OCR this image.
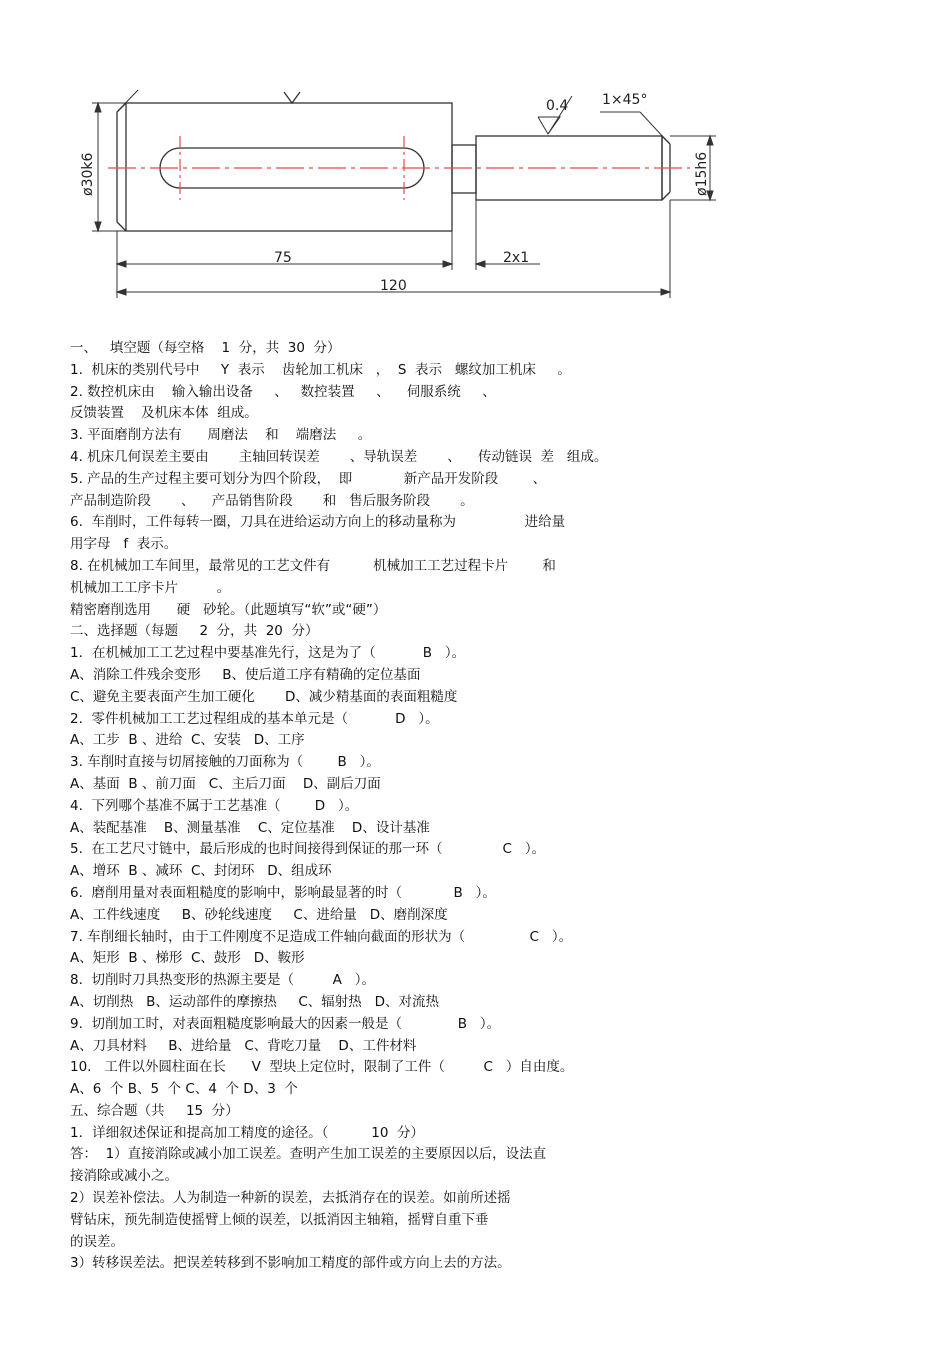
ø30k6	ø15h6
75	2x1
120
0.4 1×45°
一、   填空题（每空格    1  分，共  30  分）
1.  机床的类别代号中     Y  表示    齿轮加工机床   ，  S  表示   螺纹加工机床     。
2. 数控机床由    输入输出设备     、   数控装置     、    伺服系统     、
反馈装置    及机床本体  组成。
3. 平面磨削方法有      周磨法    和    端磨法     。
4. 机床几何误差主要由       主轴回转误差       、导轨误差       、    传动链误  差   组成。
5. 产品的生产过程主要可划分为四个阶段，  即            新产品开发阶段        、
产品制造阶段       、    产品销售阶段       和   售后服务阶段       。
6.  车削时，工件每转一圈，刀具在进给运动方向上的移动量称为                进给量
用字母   f  表示。
8. 在机械加工车间里，最常见的工艺文件有          机械加工工艺过程卡片        和
机械加工工序卡片         。
精密磨削选用      硬   砂轮。（此题填写“软”或“硬”）
二、选择题（每题     2  分，共  20  分）
1．在机械加工工艺过程中要基准先行，这是为了（           B   ）。
A、消除工件残余变形     B、使后道工序有精确的定位基面
C、避免主要表面产生加工硬化       D、减少精基面的表面粗糙度
2.  零件机械加工工艺过程组成的基本单元是（           D   ）。
A、工步  B 、进给  C、安装   D、工序
3. 车削时直接与切屑接触的刀面称为（        B   ）。
A、基面  B 、前刀面   C、主后刀面    D、副后刀面
4.  下列哪个基准不属于工艺基准（        D   ）。
A、装配基准    B、测量基准    C、定位基准    D、设计基准
5.  在工艺尺寸链中，最后形成的也时间接得到保证的那一环（              C   ）。
A、增环  B 、减环  C、封闭环   D、组成环
6.  磨削用量对表面粗糙度的影响中，影响最显著的时（            B   ）。
A、工件线速度     B、砂轮线速度     C、进给量   D、磨削深度
7. 车削细长轴时，由于工件刚度不足造成工件轴向截面的形状为（               C   ）。
A、矩形  B 、梯形  C、鼓形   D、鞍形
8.  切削时刀具热变形的热源主要是（         A   ）。
A、切削热   B、运动部件的摩擦热     C、辐射热   D、对流热
9.  切削加工时，对表面粗糙度影响最大的因素一般是（             B   ）。
A、刀具材料     B、进给量   C、背吃刀量    D、工件材料
10.   工件以外圆柱面在长      V  型块上定位时，限制了工件（         C   ）自由度。
A、6  个 B、5  个 C、4  个 D、3  个
五、综合题（共     15  分）
1．详细叙述保证和提高加工精度的途径。（          10  分）
答：  1）直接消除或减小加工误差。查明产生加工误差的主要原因以后，设法直
接消除或减小之。
2）误差补偿法。人为制造一种新的误差，去抵消存在的误差。如前所述摇
臂钻床，预先制造使摇臂上倾的误差，以抵消因主轴箱，摇臂自重下垂
的误差。
3）转移误差法。把误差转移到不影响加工精度的部件或方向上去的方法。
